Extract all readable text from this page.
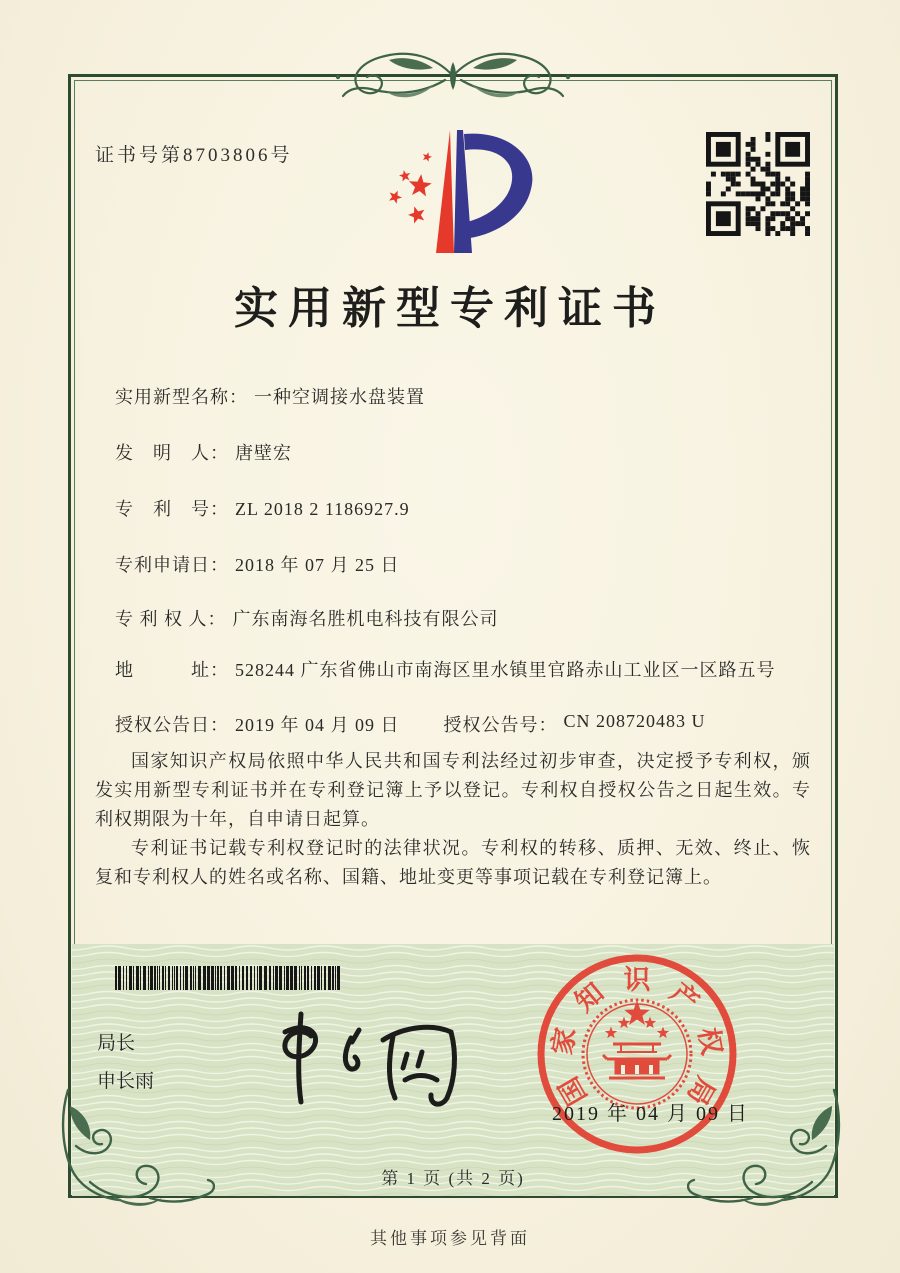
证书号第8703806号
实用新型专利证书
实用新型名称： 一种空调接水盘装置
发　明　人： 唐壁宏
专　利　号： ZL 2018 2 1186927.9
专利申请日： 2018 年 07 月 25 日
专 利 权 人： 广东南海名胜机电科技有限公司
地　　　址： 528244 广东省佛山市南海区里水镇里官路赤山工业区一区路五号
授权公告日： 2019 年 04 月 09 日 授权公告号： CN 208720483 U

国家知识产权局依照中华人民共和国专利法经过初步审查，决定授予专利权，颁发实用新型专利证书并在专利登记簿上予以登记。专利权自授权公告之日起生效。专利权期限为十年，自申请日起算。

专利证书记载专利权登记时的法律状况。专利权的转移、质押、无效、终止、恢复和专利权人的姓名或名称、国籍、地址变更等事项记载在专利登记簿上。

局长
申长雨	国
家
知 识 产
权
局
2019 年 04 月 09 日
第 1 页 (共 2 页)
其他事项参见背面
